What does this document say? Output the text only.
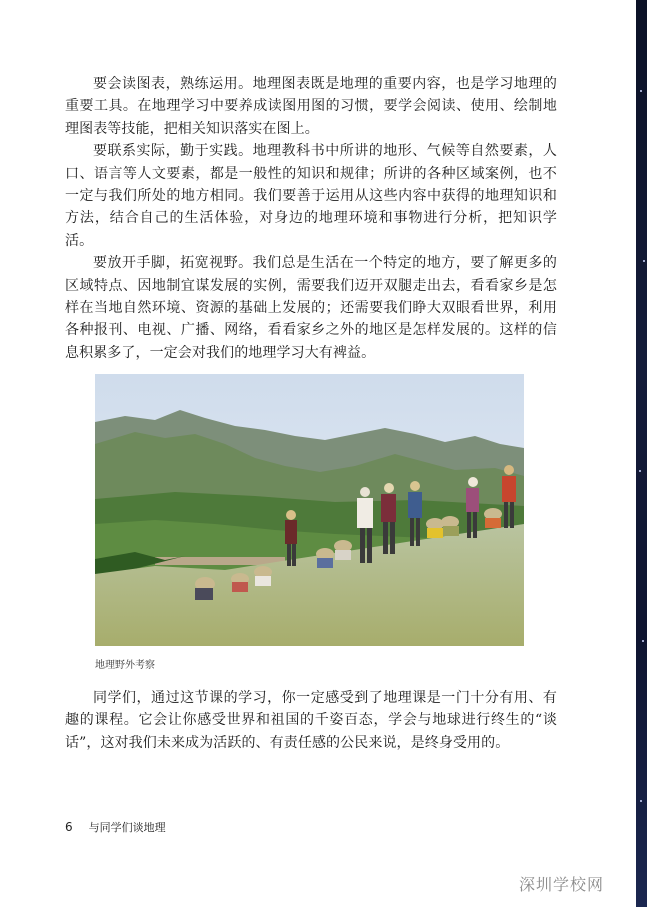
要会读图表，熟练运用。地理图表既是地理的重要内容，也是学习地理的重要工具。在地理学习中要养成读图用图的习惯，要学会阅读、使用、绘制地理图表等技能，把相关知识落实在图上。

要联系实际，勤于实践。地理教科书中所讲的地形、气候等自然要素，人口、语言等人文要素，都是一般性的知识和规律；所讲的各种区域案例，也不一定与我们所处的地方相同。我们要善于运用从这些内容中获得的地理知识和方法，结合自己的生活体验，对身边的地理环境和事物进行分析，把知识学活。

要放开手脚，拓宽视野。我们总是生活在一个特定的地方，要了解更多的区域特点、因地制宜谋发展的实例，需要我们迈开双腿走出去，看看家乡是怎样在当地自然环境、资源的基础上发展的；还需要我们睁大双眼看世界，利用各种报刊、电视、广播、网络，看看家乡之外的地区是怎样发展的。这样的信息积累多了，一定会对我们的地理学习大有裨益。

地理野外考察

同学们，通过这节课的学习，你一定感受到了地理课是一门十分有用、有趣的课程。它会让你感受世界和祖国的千姿百态，学会与地球进行终生的“谈话”，这对我们未来成为活跃的、有责任感的公民来说，是终身受用的。

6 与同学们谈地理
深圳学校网
